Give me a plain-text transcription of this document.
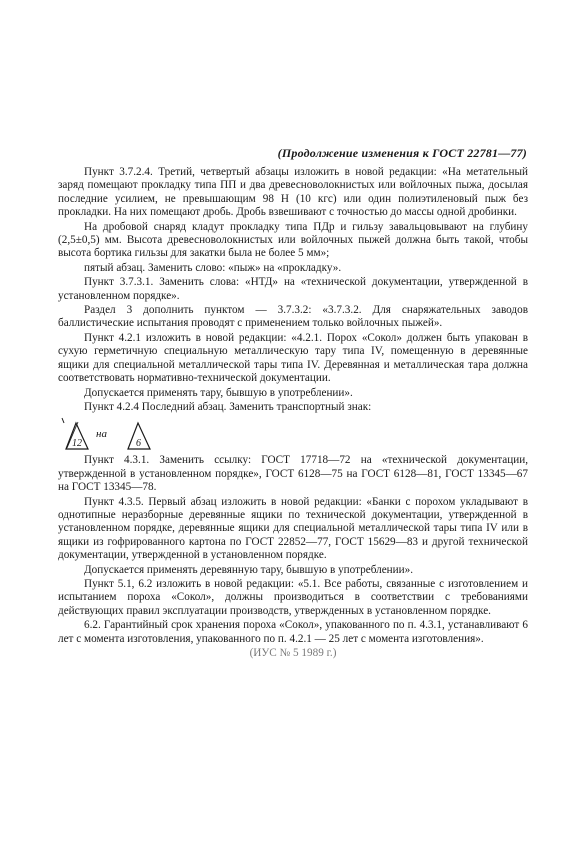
(Продолжение изменения к ГОСТ 22781—77)

Пункт 3.7.2.4. Третий, четвертый абзацы изложить в новой редакции: «На метательный заряд помещают прокладку типа ПП и два древесноволокнистых или войлочных пыжа, досылая последние усилием, не превышающим 98 Н (10 кгс) или один полиэтиленовый пыж без прокладки. На них помещают дробь. Дробь взвешивают с точностью до массы одной дробинки.

На дробовой снаряд кладут прокладку типа ПДр и гильзу завальцовывают на глубину (2,5±0,5) мм. Высота древесноволокнистых или войлочных пыжей должна быть такой, чтобы высота бортика гильзы для закатки была не более 5 мм»;

пятый абзац. Заменить слово: «пыж» на «прокладку».

Пункт 3.7.3.1. Заменить слова: «НТД» на «технической документации, утвержденной в установленном порядке».

Раздел 3 дополнить пунктом — 3.7.3.2: «3.7.3.2. Для снаряжательных заводов баллистические испытания проводят с применением только войлочных пыжей».

Пункт 4.2.1 изложить в новой редакции: «4.2.1. Порох «Сокол» должен быть упакован в сухую герметичную специальную металлическую тару типа IV, помещенную в деревянные ящики для специальной металлической тары типа IV. Деревянная и металлическая тара должна соответствовать нормативно-технической документации.

Допускается применять тару, бывшую в употреблении».

Пункт 4.2.4 Последний абзац. Заменить транспортный знак:

12	6
на

Пункт 4.3.1. Заменить ссылку: ГОСТ 17718—72 на «технической документации, утвержденной в установленном порядке», ГОСТ 6128—75 на ГОСТ 6128—81, ГОСТ 13345—67 на ГОСТ 13345—78.

Пункт 4.3.5. Первый абзац изложить в новой редакции: «Банки с порохом укладывают в однотипные неразборные деревянные ящики по технической документации, утвержденной в установленном порядке, деревянные ящики для специальной металлической тары типа IV или в ящики из гофрированного картона по ГОСТ 22852—77, ГОСТ 15629—83 и другой технической документации, утвержденной в установленном порядке.

Допускается применять деревянную тару, бывшую в употреблении».

Пункт 5.1, 6.2 изложить в новой редакции: «5.1. Все работы, связанные с изготовлением и испытанием пороха «Сокол», должны производиться в соответствии с требованиями действующих правил эксплуатации производств, утвержденных в установленном порядке.

6.2. Гарантийный срок хранения пороха «Сокол», упакованного по п. 4.3.1, устанавливают 6 лет с момента изготовления, упакованного по п. 4.2.1 — 25 лет с момента изготовления».

(ИУС № 5 1989 г.)
